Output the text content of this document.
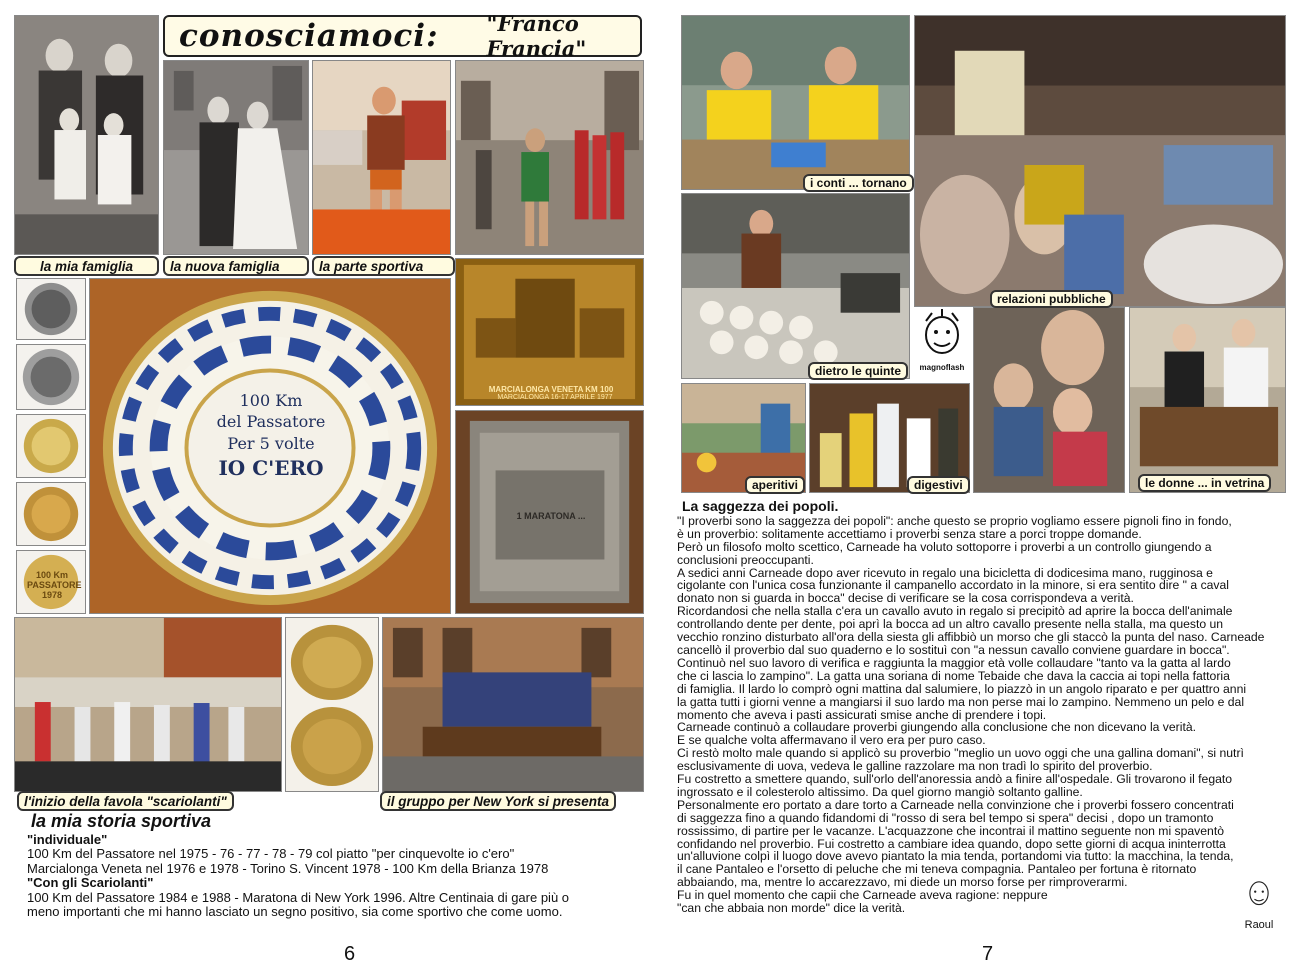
conosciamoci: "Franco Francia"
la mia famiglia	la nuova famiglia	la parte sportiva
100 Km PASSATORE 1978
100 Km
del Passatore
Per 5 volte
IO C'ERO
MARCIALONGA VENETA KM 100
MARCIALONGA 16-17 APRILE 1977
1 MARATONA ...
l'inizio della favola "scariolanti"	il gruppo per New York si presenta
la mia storia sportiva
"individuale"
100 Km del Passatore nel 1975 - 76 - 77 - 78 - 79 col piatto "per cinquevolte io c'ero"
Marcialonga Veneta nel 1976 e 1978 - Torino S. Vincent 1978 - 100 Km della Brianza 1978
"Con gli Scariolanti"
100 Km del Passatore 1984 e 1988 - Maratona di New York 1996. Altre Centinaia di gare più o
meno importanti che mi hanno lasciato un segno positivo, sia come sportivo che come uomo.
6
magnoflash
i conti ... tornano
relazioni pubbliche
dietro le quinte
aperitivi	digestivi	le donne ... in vetrina
La saggezza dei popoli.
"I proverbi sono la saggezza dei popoli": anche questo se proprio vogliamo essere pignoli fino in fondo,
è un proverbio: solitamente accettiamo i proverbi senza stare a porci troppe domande.
Però un filosofo molto scettico, Carneade ha voluto sottoporre i proverbi a un controllo giungendo a
conclusioni preoccupanti.
A sedici anni Carneade dopo aver ricevuto in regalo una bicicletta di dodicesima mano, rugginosa e
cigolante con l'unica cosa funzionante il campanello accordato in la minore, si era sentito dire " a caval
donato non si guarda in bocca" decise di verificare se la cosa corrispondeva a verità.
Ricordandosi che nella stalla c'era un cavallo avuto in regalo si precipitò ad aprire la bocca dell'animale
controllando dente per dente, poi aprì la bocca ad un altro cavallo presente nella stalla, ma questo un
vecchio ronzino disturbato all'ora della siesta gli affibbiò un morso che gli staccò la punta del naso. Carneade
cancellò il proverbio dal suo quaderno e lo sostituì con "a nessun cavallo conviene guardare in bocca".
Continuò nel suo lavoro di verifica e raggiunta la maggior età volle collaudare "tanto va la gatta al lardo
che ci lascia lo zampino". La gatta una soriana di nome Tebaide che dava la caccia ai topi nella fattoria
di famiglia. Il lardo lo comprò ogni mattina dal salumiere, lo piazzò in un angolo riparato e per quattro anni
la gatta tutti i giorni venne a mangiarsi il suo lardo ma non perse mai lo zampino. Nemmeno un pelo e dal
momento che aveva i pasti assicurati smise anche di prendere i topi.
Carneade continuò a collaudare proverbi giungendo alla conclusione che non dicevano la verità.
E se qualche volta affermavano il vero era per puro caso.
Ci restò molto male quando si applicò su proverbio "meglio un uovo oggi che una gallina domani", si nutrì
esclusivamente di uova, vedeva le galline razzolare ma non tradì lo spirito del proverbio.
Fu costretto a smettere quando, sull'orlo dell'anoressia andò a finire all'ospedale. Gli trovarono il fegato
ingrossato e il colesterolo altissimo. Da quel giorno mangiò soltanto galline.
Personalmente ero portato a dare torto a Carneade nella convinzione che i proverbi fossero concentrati
di saggezza fino a quando fidandomi di "rosso di sera bel tempo si spera" decisi , dopo un tramonto
rossissimo, di partire per le vacanze. L'acquazzone che incontrai il mattino seguente non mi spaventò
confidando nel proverbio. Fui costretto a cambiare idea quando, dopo sette giorni di acqua ininterrotta
un'alluvione colpì il luogo dove avevo piantato la mia tenda, portandomi via tutto: la macchina, la tenda,
il cane Pantaleo e l'orsetto di peluche che mi teneva compagnia. Pantaleo per fortuna è ritornato
abbaiando, ma, mentre lo accarezzavo, mi diede un morso forse per rimproverarmi.
Fu in quel momento che capii che Carneade aveva ragione: neppure
"can che abbaia non morde" dice la verità.
Raoul
7
